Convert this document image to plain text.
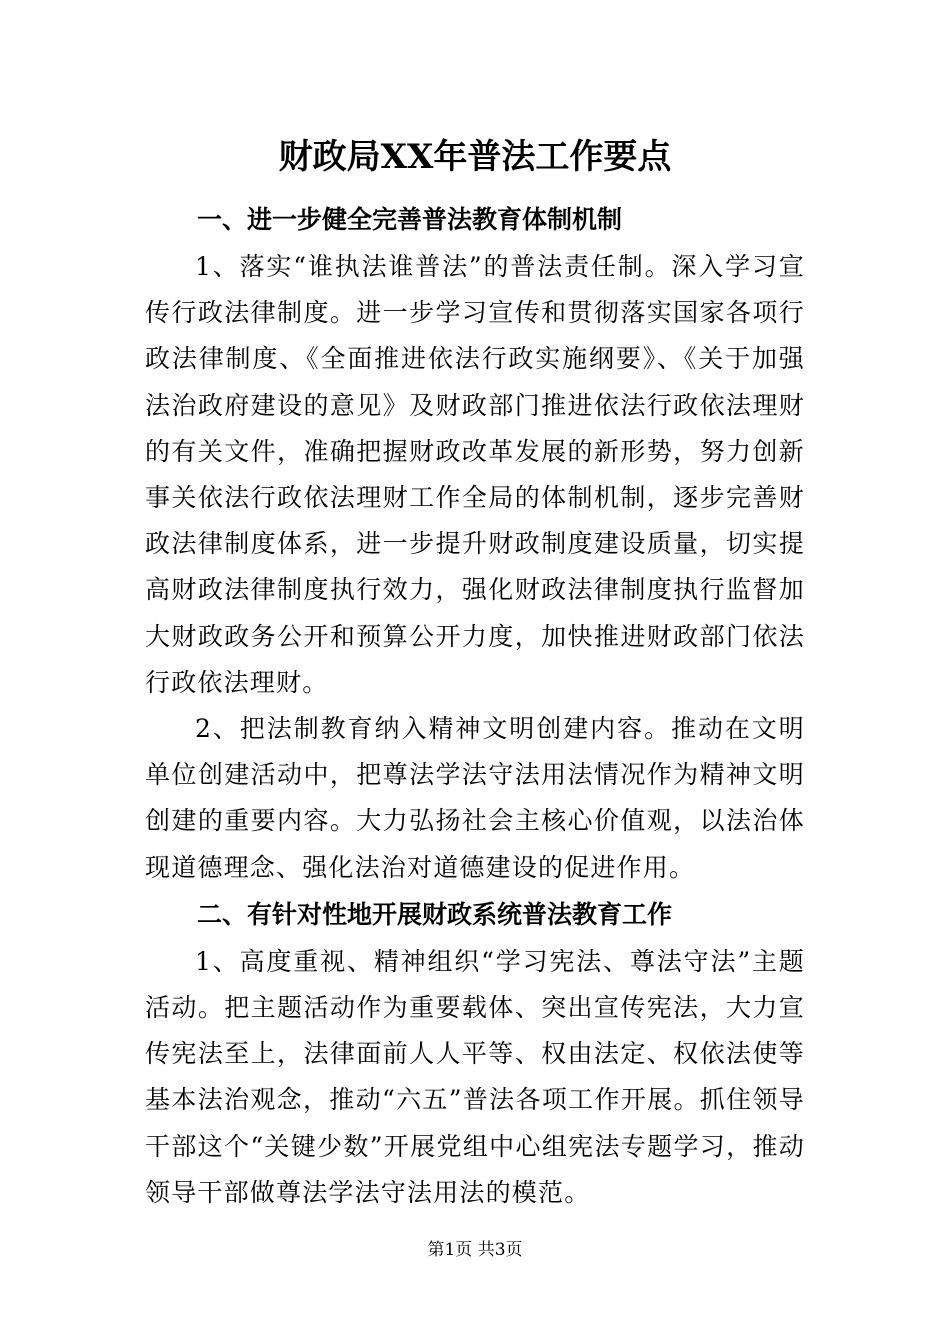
财政局XX年普法工作要点
一、进一步健全完善普法教育体制机制

1、落实“谁执法谁普法”的普法责任制。深入学习宣传行政法律制度。进一步学习宣传和贯彻落实国家各项行政法律制度、《全面推进依法行政实施纲要》、《关于加强法治政府建设的意见》及财政部门推进依法行政依法理财的有关文件，准确把握财政改革发展的新形势，努力创新事关依法行政依法理财工作全局的体制机制，逐步完善财政法律制度体系，进一步提升财政制度建设质量，切实提高财政法律制度执行效力，强化财政法律制度执行监督加大财政政务公开和预算公开力度，加快推进财政部门依法行政依法理财。

2、把法制教育纳入精神文明创建内容。推动在文明单位创建活动中，把尊法学法守法用法情况作为精神文明创建的重要内容。大力弘扬社会主核心价值观，以法治体现道德理念、强化法治对道德建设的促进作用。

二、有针对性地开展财政系统普法教育工作

1、高度重视、精神组织“学习宪法、尊法守法”主题活动。把主题活动作为重要载体、突出宣传宪法，大力宣传宪法至上，法律面前人人平等、权由法定、权依法使等基本法治观念，推动“六五”普法各项工作开展。抓住领导干部这个“关键少数”开展党组中心组宪法专题学习，推动领导干部做尊法学法守法用法的模范。

第1页 共3页
